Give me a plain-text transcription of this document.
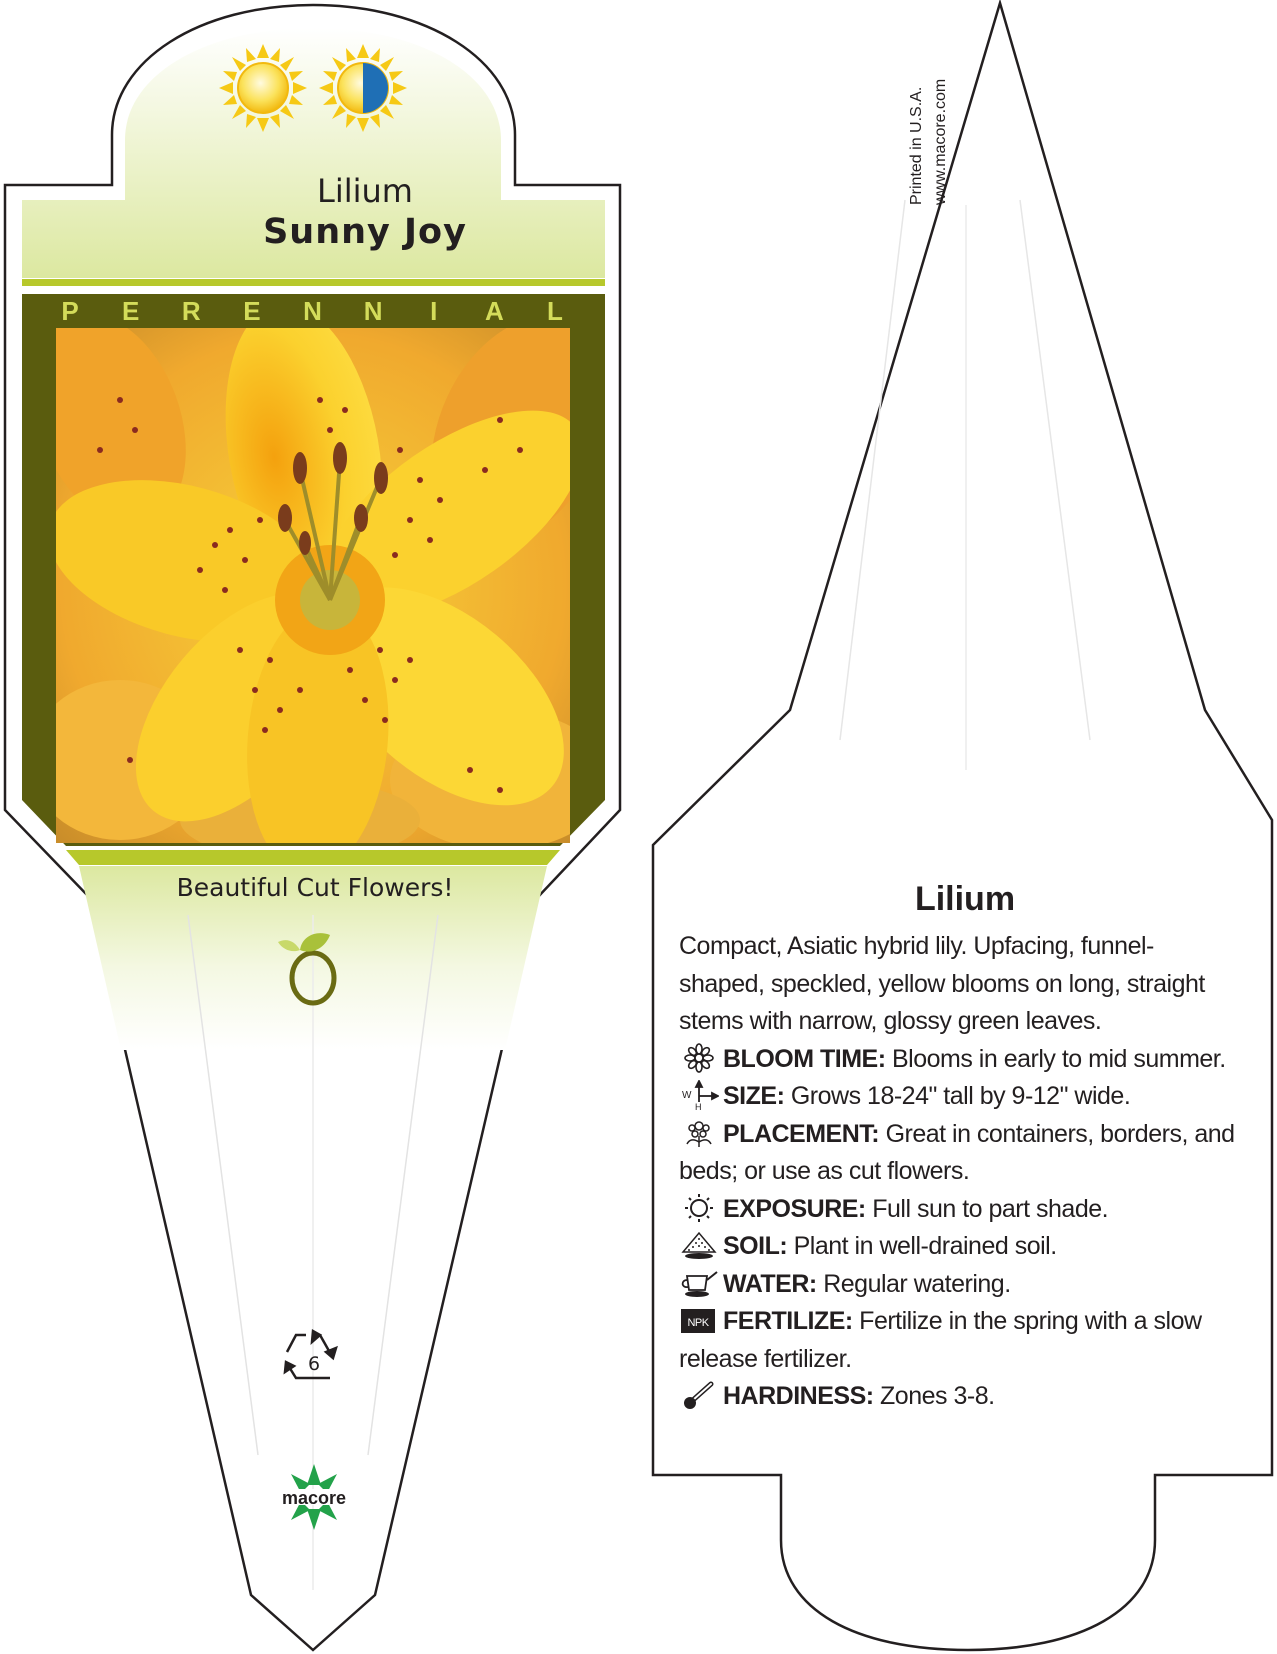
Lilium
Sunny Joy
P E R E N N I A L
Beautiful Cut Flowers!
6
macore
Printed in U.S.A. www.macore.com
Lilium

Compact, Asiatic hybrid lily. Upfacing, funnel-shaped, speckled, yellow blooms on long, straight stems with narrow, glossy green leaves.

BLOOM TIME: Blooms in early to mid summer.

W
H SIZE: Grows 18-24" tall by 9-12" wide.

PLACEMENT: Great in containers, borders, and beds; or use as cut flowers.

EXPOSURE: Full sun to part shade.

SOIL: Plant in well-drained soil.

WATER: Regular watering.

NPK FERTILIZE: Fertilize in the spring with a slow release fertilizer.

HARDINESS: Zones 3-8.
